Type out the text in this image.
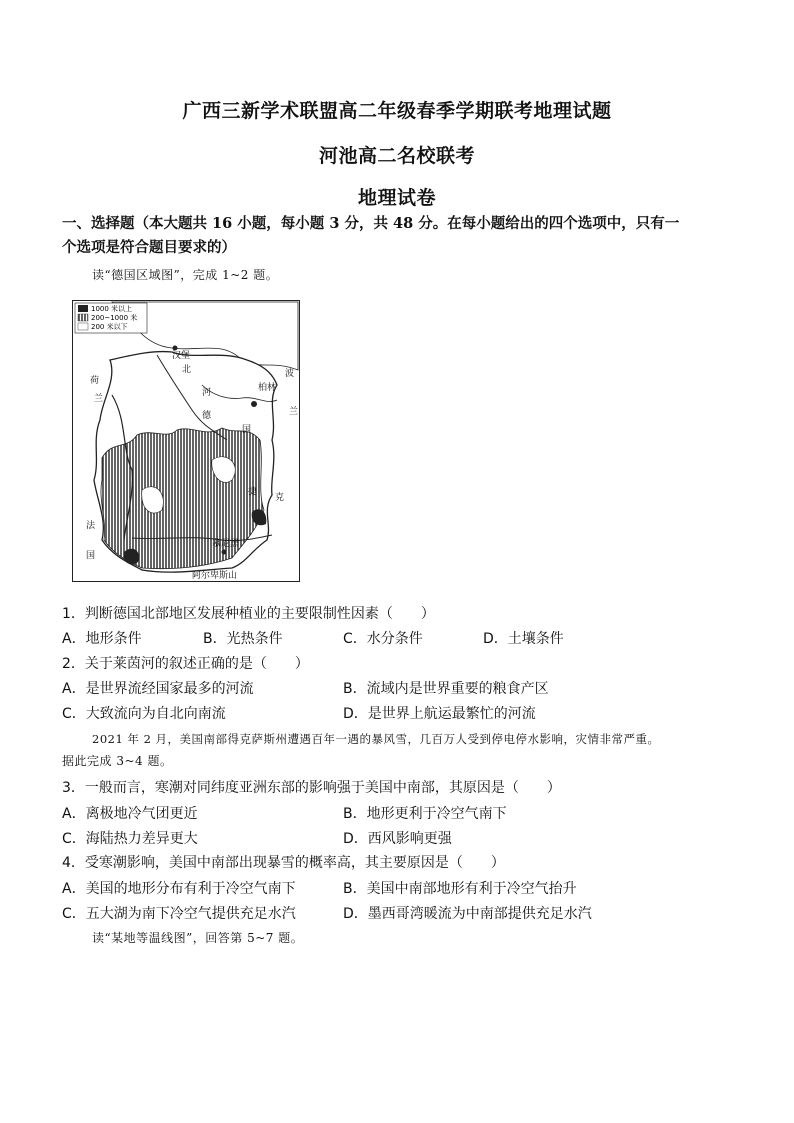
广西三新学术联盟高二年级春季学期联考地理试题
河池高二名校联考
地理试卷
一、选择题（本大题共 16 小题，每小题 3 分，共 48 分。在每小题给出的四个选项中，只有一
个选项是符合题目要求的）
读“德国区域图”，完成 1~2 题。
1000 米以上
200~1000 米
200 米以下
汉堡
柏林
慕尼黑
阿尔卑斯山
荷
兰
波
兰
捷
克
法
国
北
德
国
河
1．判断德国北部地区发展种植业的主要限制性因素（　　）
A．地形条件	B．光热条件	C．水分条件	D．土壤条件
2．关于莱茵河的叙述正确的是（　　）
A．是世界流经国家最多的河流	B．流域内是世界重要的粮食产区
C．大致流向为自北向南流	D．是世界上航运最繁忙的河流
2021 年 2 月，美国南部得克萨斯州遭遇百年一遇的暴风雪，几百万人受到停电停水影响，灾情非常严重。
据此完成 3~4 题。
3．一般而言，寒潮对同纬度亚洲东部的影响强于美国中南部，其原因是（　　）
A．离极地冷气团更近	B．地形更利于冷空气南下
C．海陆热力差异更大	D．西风影响更强
4．受寒潮影响，美国中南部出现暴雪的概率高，其主要原因是（　　）
A．美国的地形分布有利于冷空气南下	B．美国中南部地形有利于冷空气抬升
C．五大湖为南下冷空气提供充足水汽	D．墨西哥湾暖流为中南部提供充足水汽
读“某地等温线图”，回答第 5~7 题。
